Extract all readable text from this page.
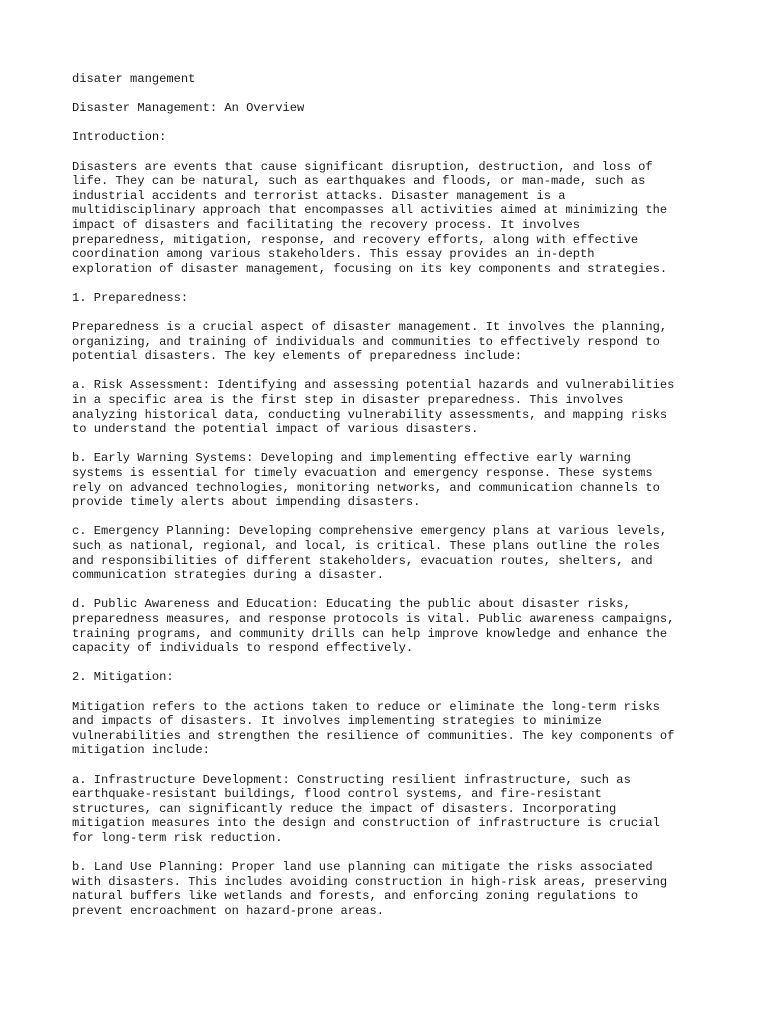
disater mangement

Disaster Management: An Overview

Introduction:

Disasters are events that cause significant disruption, destruction, and loss of
life. They can be natural, such as earthquakes and floods, or man-made, such as
industrial accidents and terrorist attacks. Disaster management is a
multidisciplinary approach that encompasses all activities aimed at minimizing the
impact of disasters and facilitating the recovery process. It involves
preparedness, mitigation, response, and recovery efforts, along with effective
coordination among various stakeholders. This essay provides an in-depth
exploration of disaster management, focusing on its key components and strategies.

1. Preparedness:

Preparedness is a crucial aspect of disaster management. It involves the planning,
organizing, and training of individuals and communities to effectively respond to
potential disasters. The key elements of preparedness include:

a. Risk Assessment: Identifying and assessing potential hazards and vulnerabilities
in a specific area is the first step in disaster preparedness. This involves
analyzing historical data, conducting vulnerability assessments, and mapping risks
to understand the potential impact of various disasters.

b. Early Warning Systems: Developing and implementing effective early warning
systems is essential for timely evacuation and emergency response. These systems
rely on advanced technologies, monitoring networks, and communication channels to
provide timely alerts about impending disasters.

c. Emergency Planning: Developing comprehensive emergency plans at various levels,
such as national, regional, and local, is critical. These plans outline the roles
and responsibilities of different stakeholders, evacuation routes, shelters, and
communication strategies during a disaster.

d. Public Awareness and Education: Educating the public about disaster risks,
preparedness measures, and response protocols is vital. Public awareness campaigns,
training programs, and community drills can help improve knowledge and enhance the
capacity of individuals to respond effectively.

2. Mitigation:

Mitigation refers to the actions taken to reduce or eliminate the long-term risks
and impacts of disasters. It involves implementing strategies to minimize
vulnerabilities and strengthen the resilience of communities. The key components of
mitigation include:

a. Infrastructure Development: Constructing resilient infrastructure, such as
earthquake-resistant buildings, flood control systems, and fire-resistant
structures, can significantly reduce the impact of disasters. Incorporating
mitigation measures into the design and construction of infrastructure is crucial
for long-term risk reduction.

b. Land Use Planning: Proper land use planning can mitigate the risks associated
with disasters. This includes avoiding construction in high-risk areas, preserving
natural buffers like wetlands and forests, and enforcing zoning regulations to
prevent encroachment on hazard-prone areas.
